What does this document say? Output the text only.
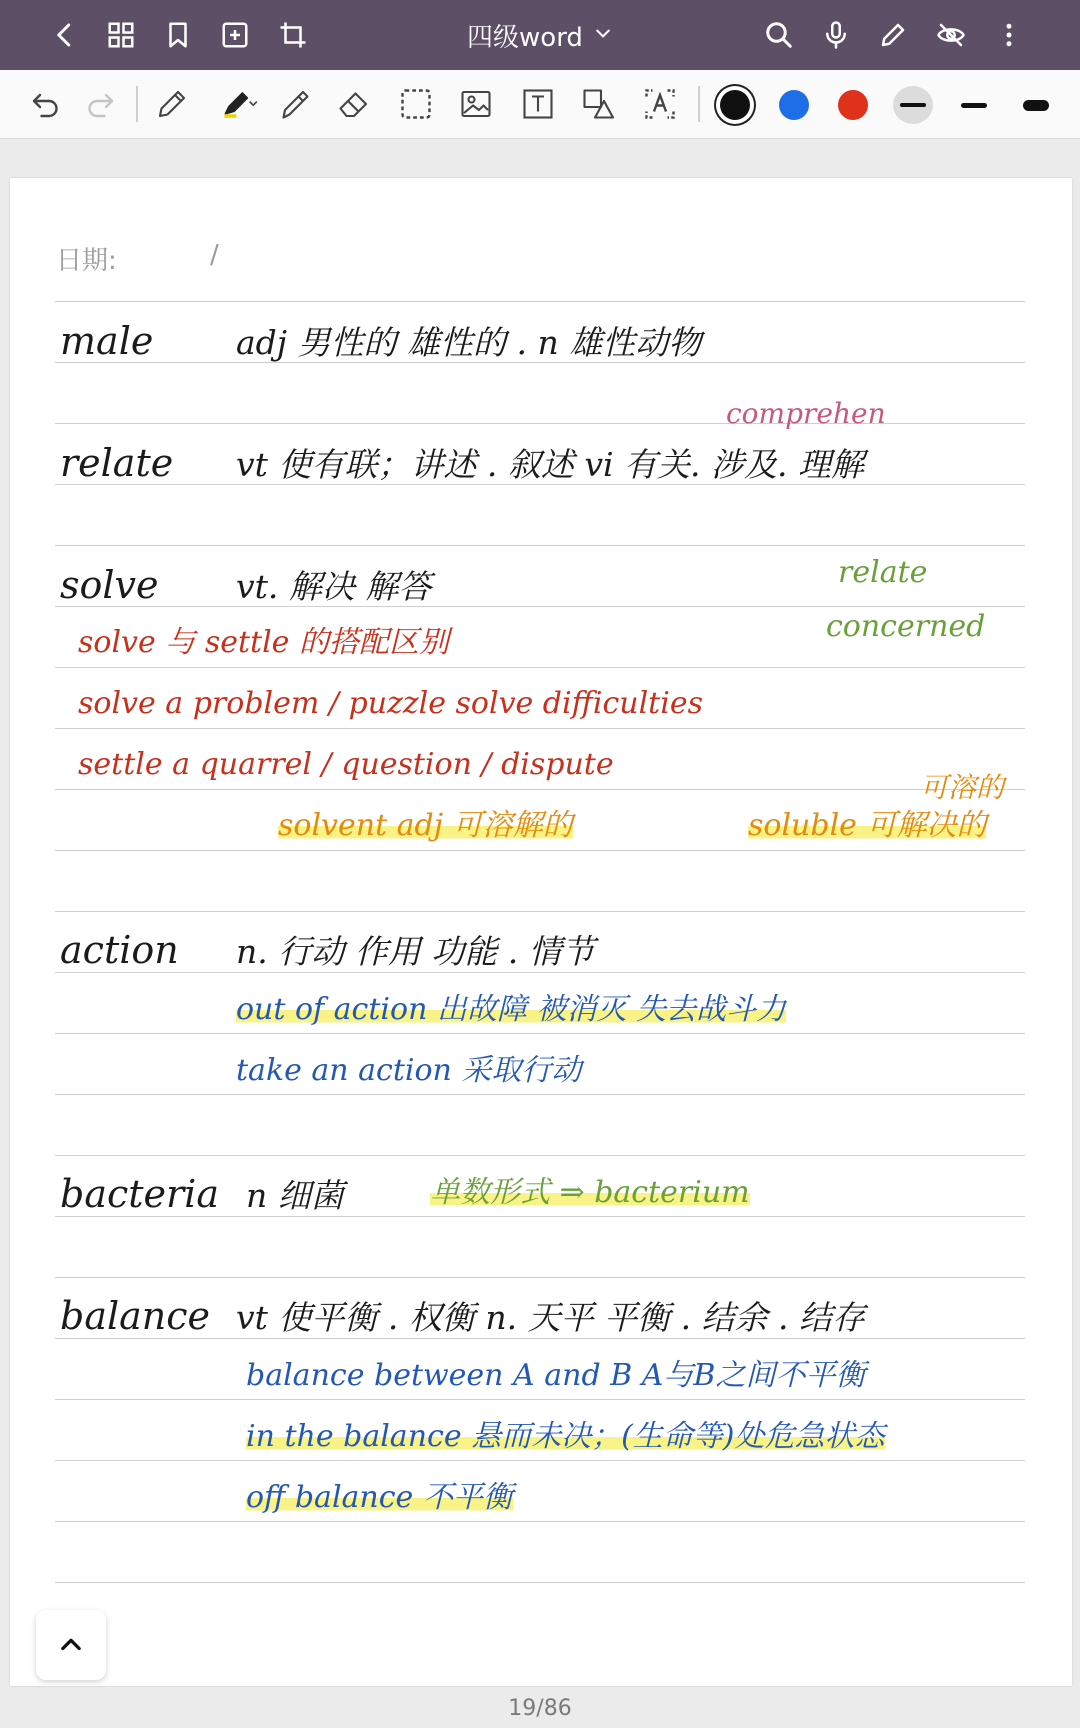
四级word
日期:	/
male	adj 男性的 雄性的 . n 雄性动物
comprehen
relate vt 使有联；讲述 . 叙述 vi 有关. 涉及. 理解
relate
concerned
solve vt. 解决 解答
solve 与 settle 的搭配区别
solve a problem / puzzle solve difficulties
settle a quarrel / question / dispute
可溶的
solvent adj 可溶解的	soluble 可解决的
action n. 行动 作用 功能 . 情节
out of action 出故障 被消灭 失去战斗力
take an action 采取行动
bacteria n 细菌	单数形式 ⇒ bacterium
balance vt 使平衡 . 权衡 n. 天平 平衡 . 结余 . 结存
balance between A and B A与B之间不平衡
in the balance 悬而未决；(生命等)处危急状态
off balance 不平衡
19/86
